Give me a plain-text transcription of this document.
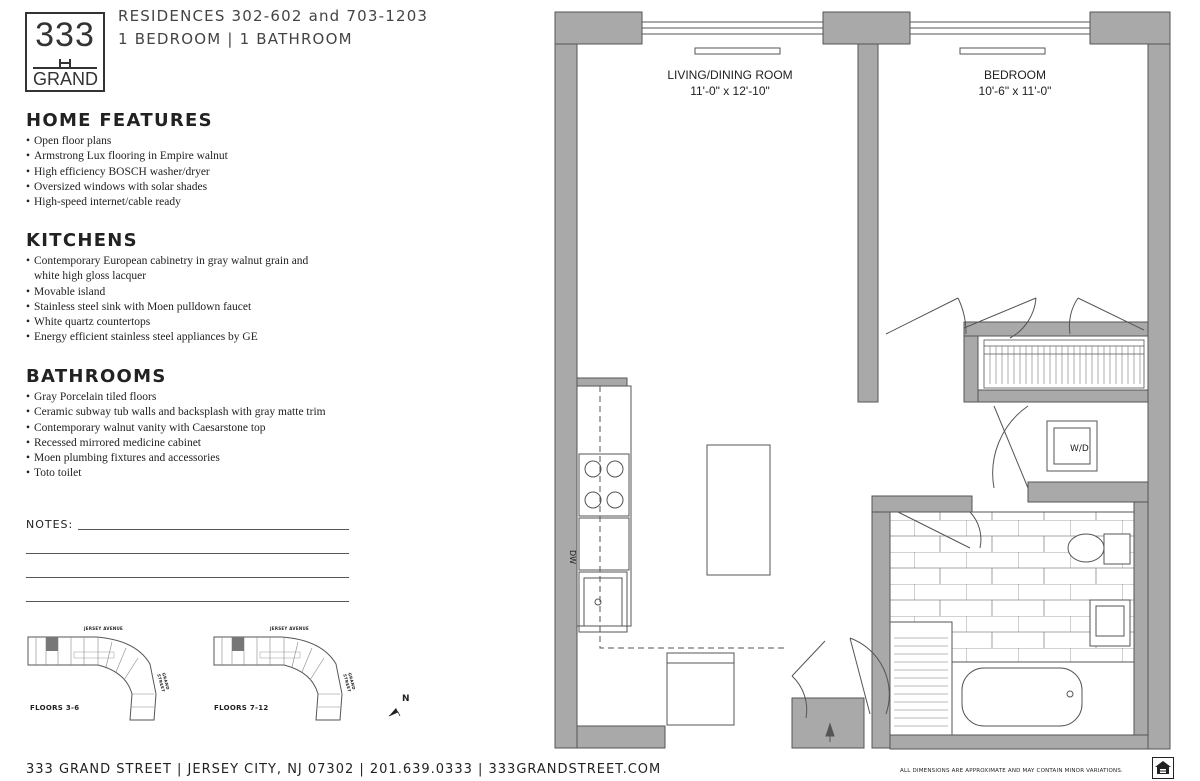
333
GRAND
RESIDENCES 302-602 and 703-1203
1 BEDROOM | 1 BATHROOM
HOME FEATURES
• Open floor plans
• Armstrong Lux flooring in Empire walnut
• High efficiency BOSCH washer/dryer
• Oversized windows with solar shades
• High-speed internet/cable ready
KITCHENS
• Contemporary European cabinetry in gray walnut grain and
white high gloss lacquer
• Movable island
• Stainless steel sink with Moen pulldown faucet
• White quartz countertops
• Energy efficient stainless steel appliances by GE
BATHROOMS
• Gray Porcelain tiled floors
• Ceramic subway tub walls and backsplash with gray matte trim
• Contemporary walnut vanity with Caesarstone top
• Recessed mirrored medicine cabinet
• Moen plumbing fixtures and accessories
• Toto toilet
NOTES:
JERSEY AVENUE
GRAND STREET
FLOORS 3-6
JERSEY AVENUE
GRAND STREET
FLOORS 7-12
N
LIVING/DINING ROOM
11'-0" x 12'-10"
BEDROOM
10'-6" x 11'-0"
W/D
DW
333 GRAND STREET | JERSEY CITY, NJ 07302 | 201.639.0333 | 333GRANDSTREET.COM	ALL DIMENSIONS ARE APPROXIMATE AND MAY CONTAIN MINOR VARIATIONS.
